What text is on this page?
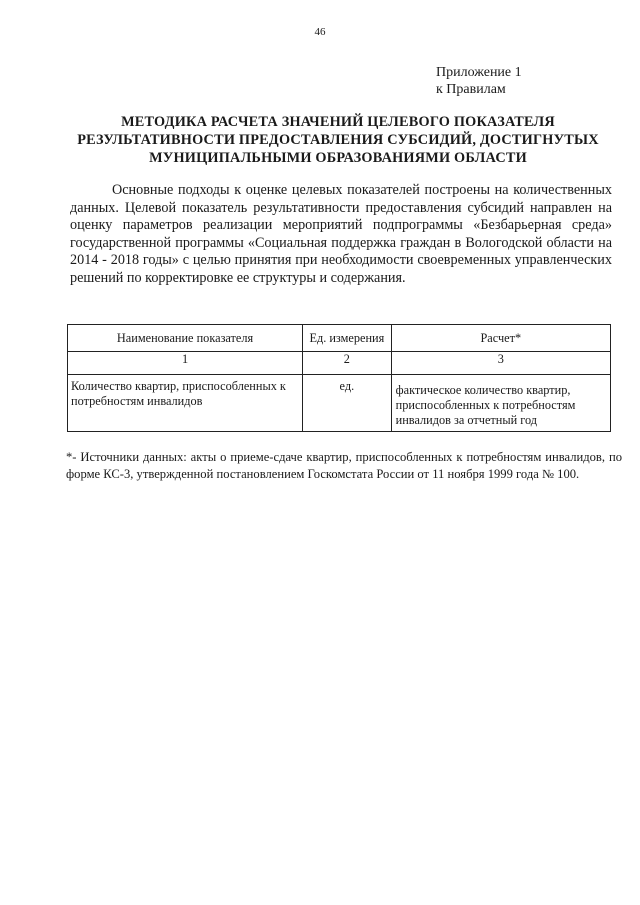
46
Приложение 1
к Правилам
МЕТОДИКА РАСЧЕТА ЗНАЧЕНИЙ ЦЕЛЕВОГО ПОКАЗАТЕЛЯ
РЕЗУЛЬТАТИВНОСТИ ПРЕДОСТАВЛЕНИЯ СУБСИДИЙ, ДОСТИГНУТЫХ
МУНИЦИПАЛЬНЫМИ ОБРАЗОВАНИЯМИ ОБЛАСТИ

Основные подходы к оценке целевых показателей построены на количественных данных. Целевой показатель результативности предоставления субсидий направлен на оценку параметров реализации мероприятий подпрограммы «Безбарьерная среда» государственной программы «Социальная поддержка граждан в Вологодской области на 2014 - 2018 годы» с целью принятия при необходимости своевременных управленческих решений по корректировке ее структуры и содержания.

Наименование показателя	Ед. измерения	Расчет*
1	2	3
Количество квартир, приспособленных к потребностям инвалидов	ед.	фактическое количество квартир, приспособленных к потребностям инвалидов за отчетный год

*- Источники данных: акты о приеме-сдаче квартир, приспособленных к потребностям инвалидов, по форме КС-3, утвержденной постановлением Госкомстата России от 11 ноября 1999 года № 100.
